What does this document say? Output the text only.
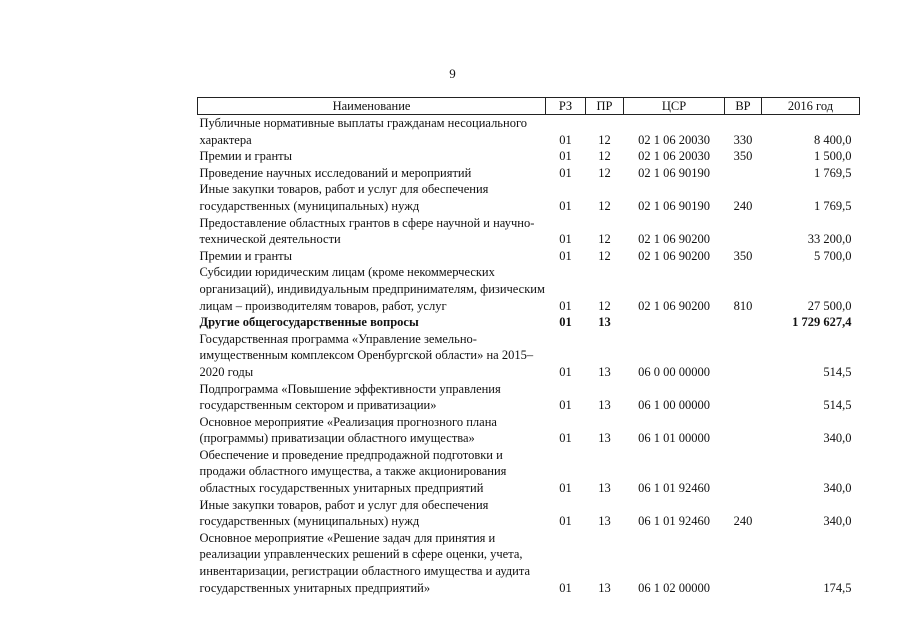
9
Наименование	РЗ	ПР	ЦСР	ВР	2016 год
Публичные нормативные выплаты гражданам несоциального характера	01	12	02 1 06 20030	330	8 400,0
Премии и гранты	01	12	02 1 06 20030	350	1 500,0
Проведение научных исследований и мероприятий	01	12	02 1 06 90190		1 769,5
Иные закупки товаров, работ и услуг для обеспечения государственных (муниципальных) нужд	01	12	02 1 06 90190	240	1 769,5
Предоставление областных грантов в сфере научной и научно-технической деятельности	01	12	02 1 06 90200		33 200,0
Премии и гранты	01	12	02 1 06 90200	350	5 700,0
Субсидии юридическим лицам (кроме некоммерческих организаций), индивидуальным предпринимателям, физическим лицам – производителям товаров, работ, услуг	01	12	02 1 06 90200	810	27 500,0
Другие общегосударственные вопросы	01	13			1 729 627,4
Государственная программа «Управление земельно-имущественным комплексом Оренбургской области» на 2015–2020 годы	01	13	06 0 00 00000		514,5
Подпрограмма «Повышение эффективности управления государственным сектором и приватизации»	01	13	06 1 00 00000		514,5
Основное мероприятие «Реализация прогнозного плана (программы) приватизации областного имущества»	01	13	06 1 01 00000		340,0
Обеспечение и проведение предпродажной подготовки и продажи областного имущества, а также акционирования областных государственных унитарных предприятий	01	13	06 1 01 92460		340,0
Иные закупки товаров, работ и услуг для обеспечения государственных (муниципальных) нужд	01	13	06 1 01 92460	240	340,0
Основное мероприятие «Решение задач для принятия и реализации управленческих решений в сфере оценки, учета, инвентаризации, регистрации областного имущества и аудита государственных унитарных предприятий»	01	13	06 1 02 00000		174,5
